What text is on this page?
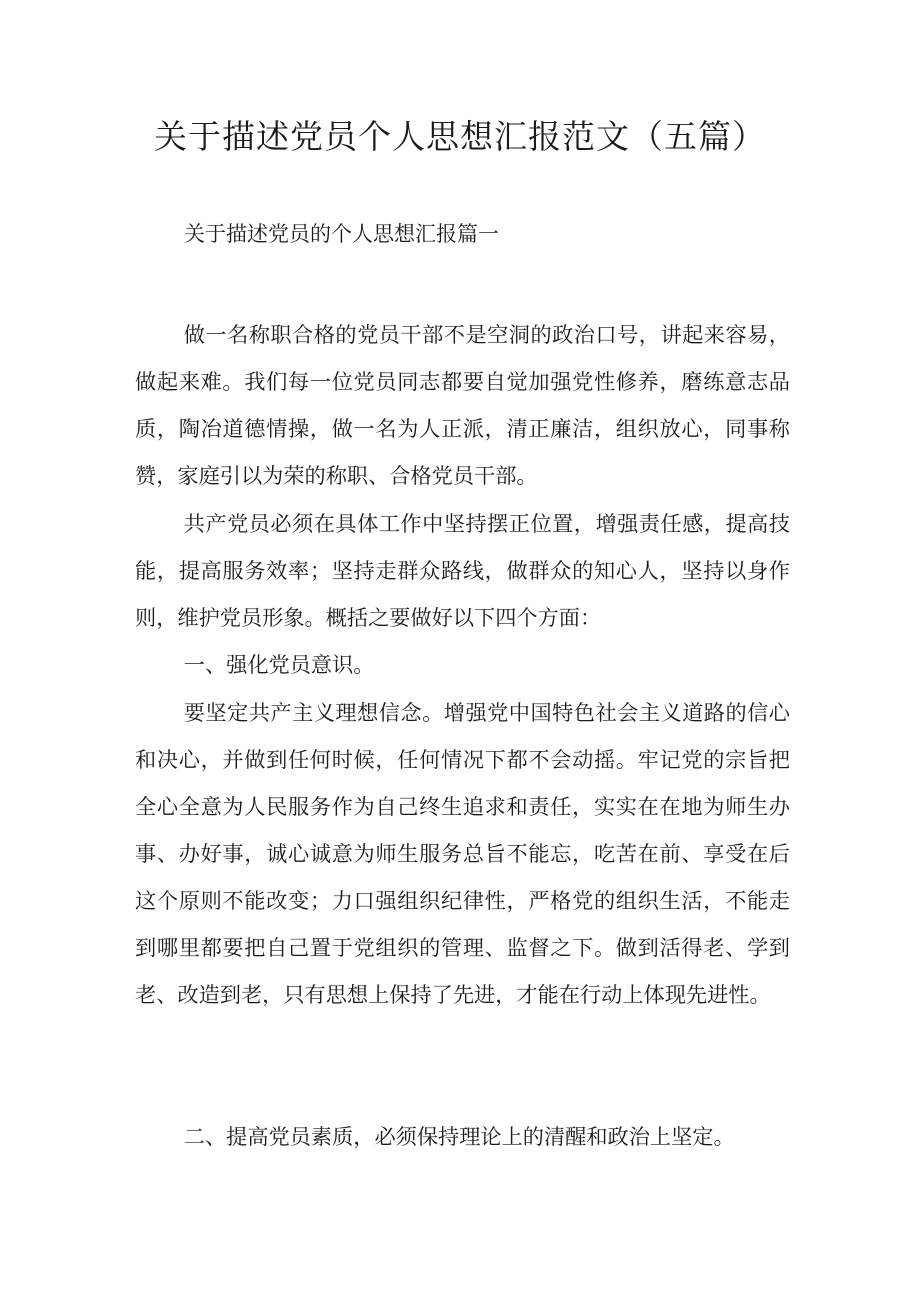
关于描述党员个人思想汇报范文（五篇）
关于描述党员的个人思想汇报篇一

做一名称职合格的党员干部不是空洞的政治口号，讲起来容易，做起来难。我们每一位党员同志都要自觉加强党性修养，磨练意志品质，陶冶道德情操，做一名为人正派，清正廉洁，组织放心，同事称赞，家庭引以为荣的称职、合格党员干部。

共产党员必须在具体工作中坚持摆正位置，增强责任感，提高技能，提高服务效率；坚持走群众路线，做群众的知心人，坚持以身作则，维护党员形象。概括之要做好以下四个方面：

一、强化党员意识。

要坚定共产主义理想信念。增强党中国特色社会主义道路的信心和决心，并做到任何时候，任何情况下都不会动摇。牢记党的宗旨把全心全意为人民服务作为自己终生追求和责任，实实在在地为师生办事、办好事，诚心诚意为师生服务总旨不能忘，吃苦在前、享受在后这个原则不能改变；力口强组织纪律性，严格党的组织生活，不能走到哪里都要把自己置于党组织的管理、监督之下。做到活得老、学到老、改造到老，只有思想上保持了先进，才能在行动上体现先进性。

二、提高党员素质，必须保持理论上的清醒和政治上坚定。
